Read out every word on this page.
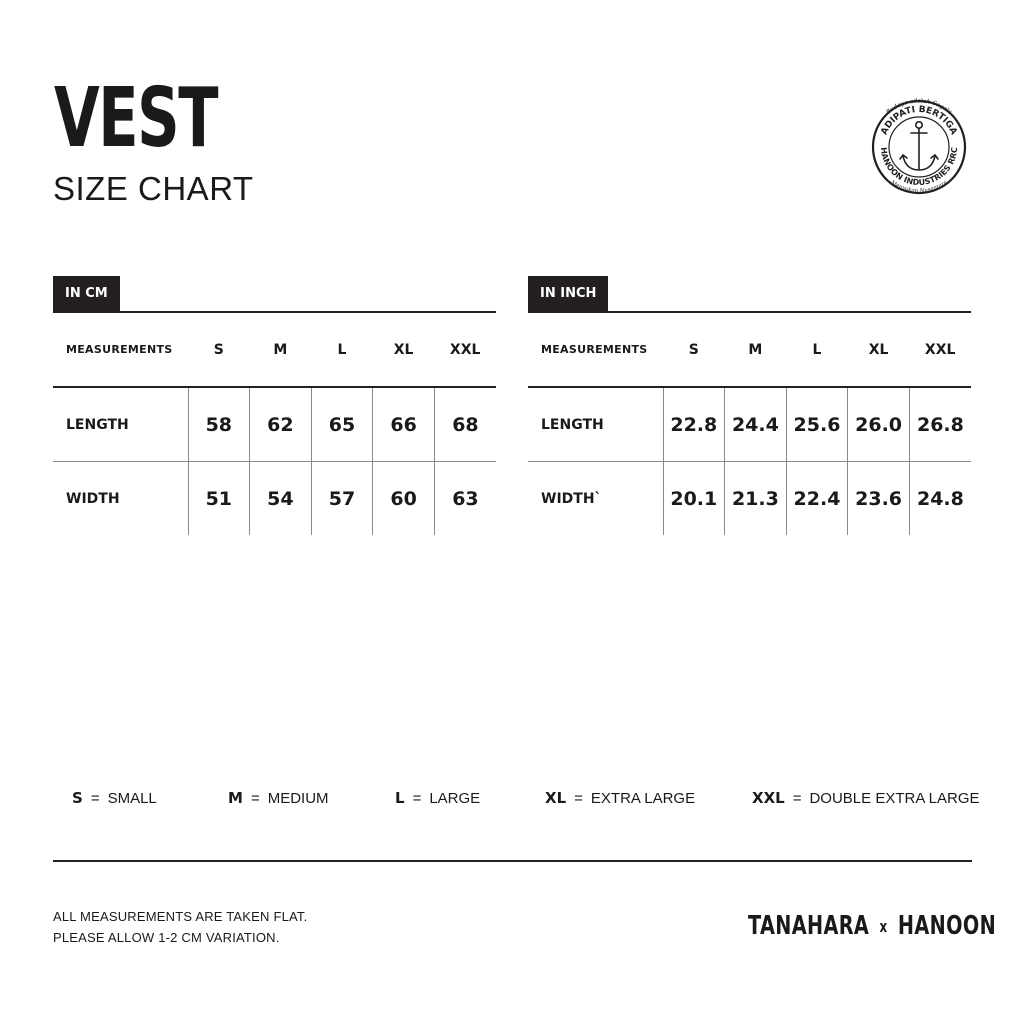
VEST
SIZE CHART
Budaya adalah Segala
ADIPATI BERTIGA
HANOON INDUSTRIES RRC
Menyukan Nusantara
IN CM
MEASUREMENTS	S	M	L	XL	XXL
LENGTH	58	62	65	66	68
WIDTH	51	54	57	60	63
IN INCH
MEASUREMENTS	S	M	L	XL	XXL
LENGTH	22.8	24.4	25.6	26.0	26.8
WIDTH`	20.1	21.3	22.4	23.6	24.8
S = SMALL	M = MEDIUM	L = LARGE	XL = EXTRA LARGE	XXL = DOUBLE EXTRA LARGE
ALL MEASUREMENTS ARE TAKEN FLAT.
PLEASE ALLOW 1-2 CM VARIATION.	TANAHARA x HANOON
